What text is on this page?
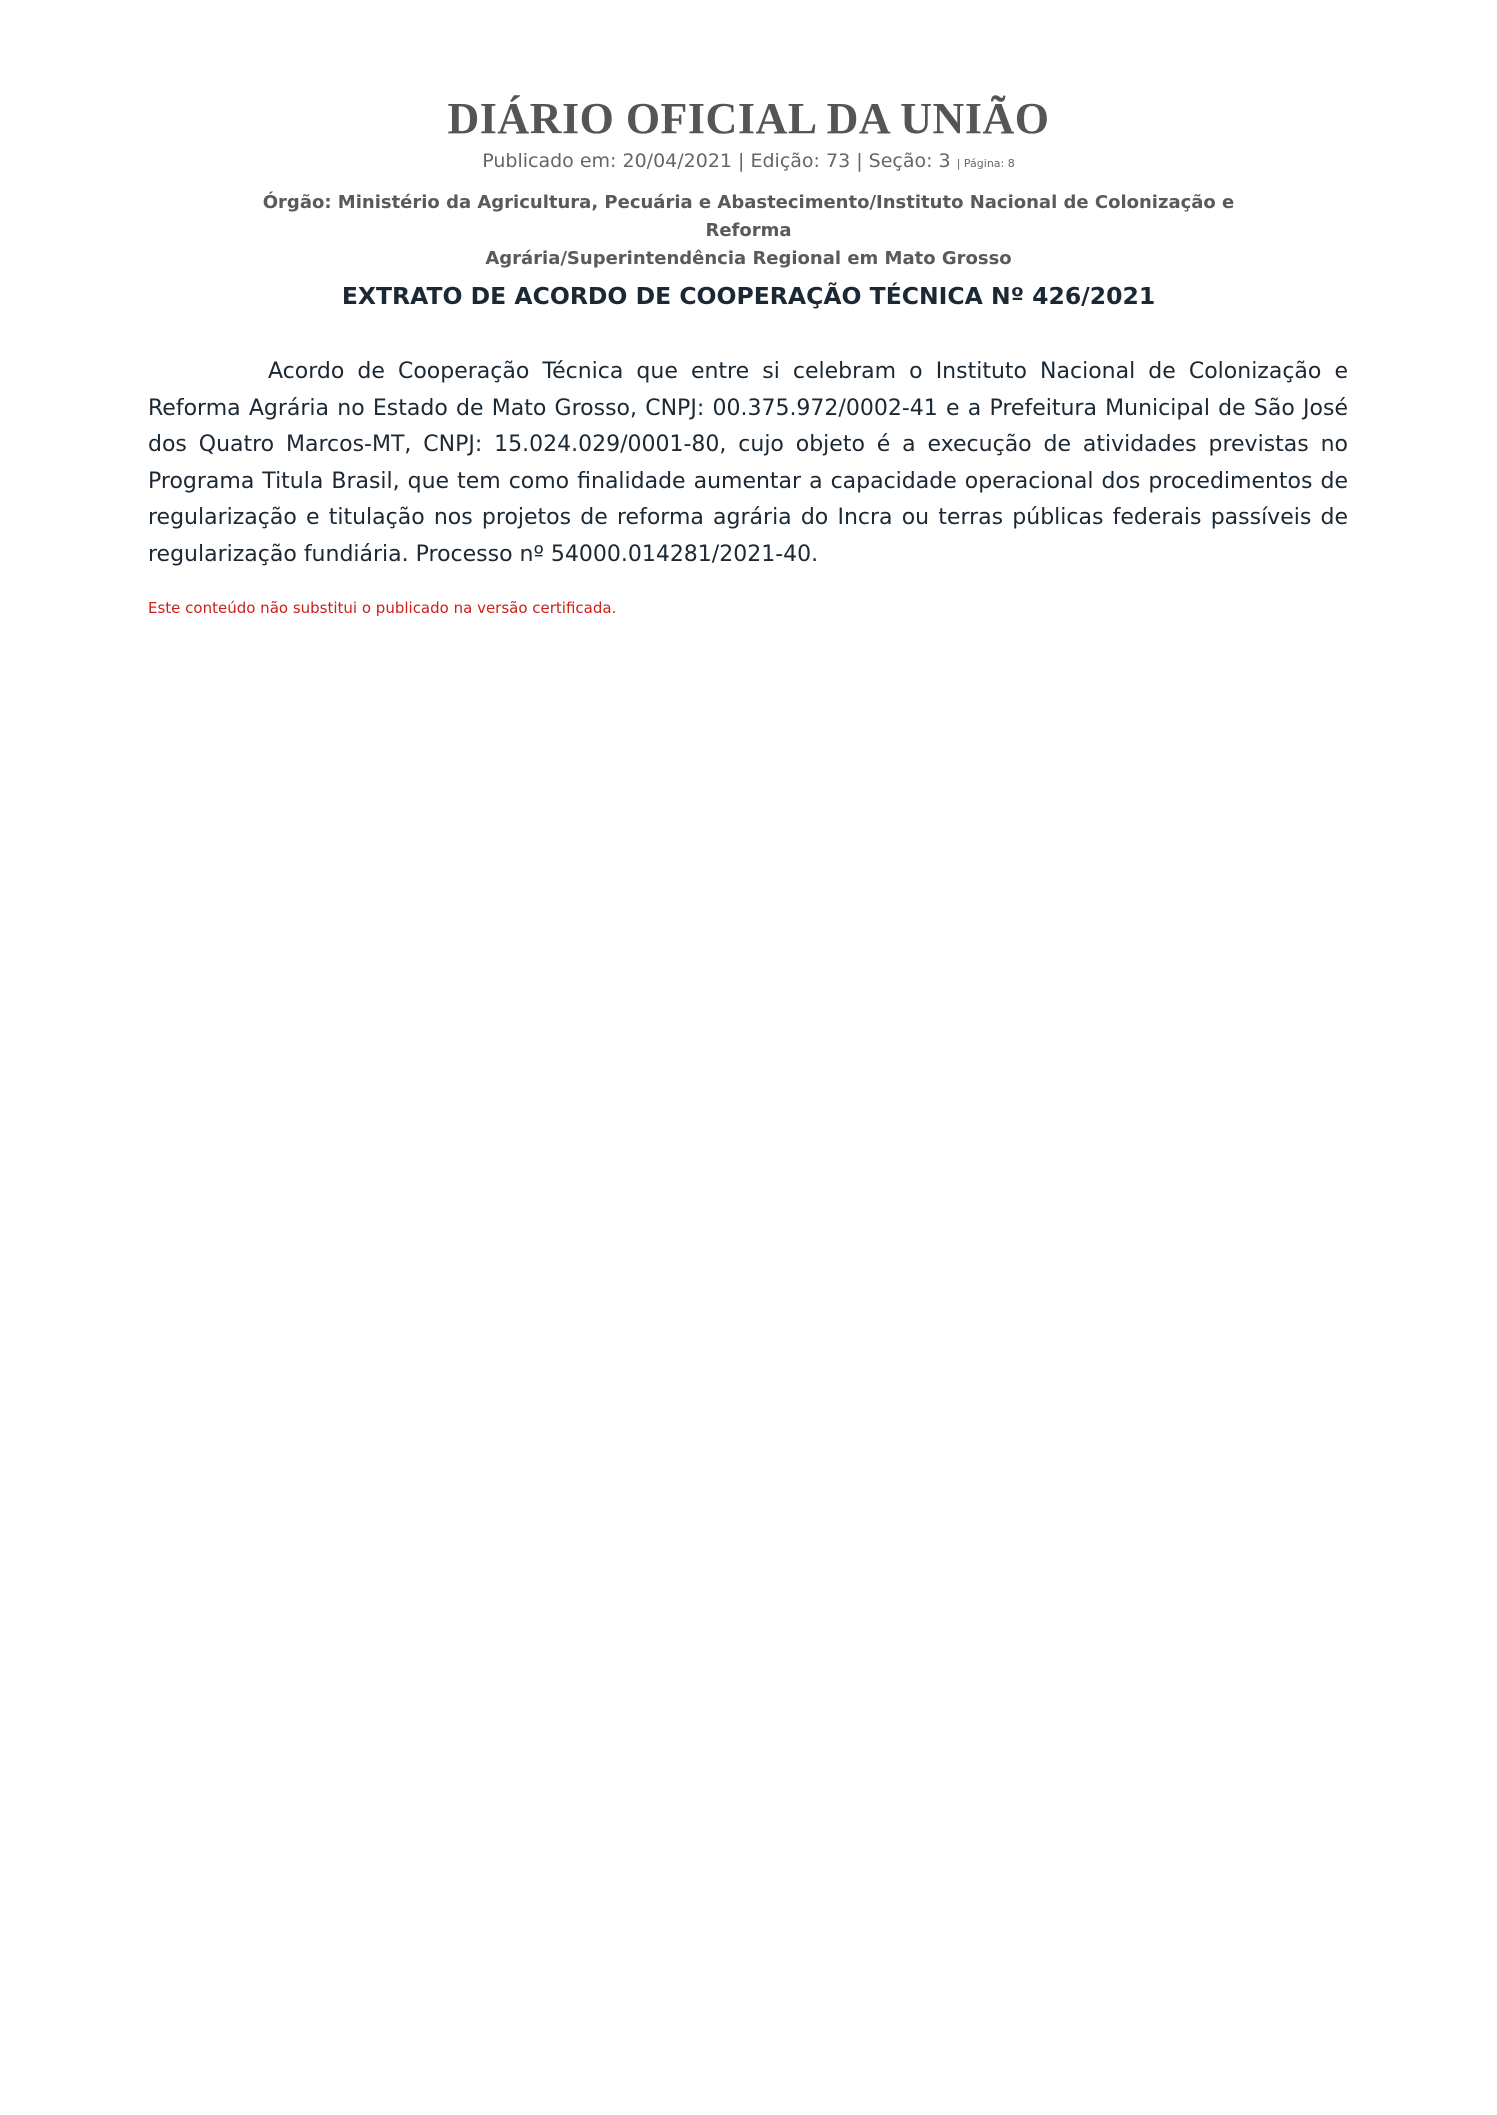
DIÁRIO OFICIAL DA UNIÃO
Publicado em: 20/04/2021 | Edição: 73 | Seção: 3 | Página: 8
Órgão: Ministério da Agricultura, Pecuária e Abastecimento/Instituto Nacional de Colonização e Reforma
Agrária/Superintendência Regional em Mato Grosso
EXTRATO DE ACORDO DE COOPERAÇÃO TÉCNICA Nº 426/2021

Acordo de Cooperação Técnica que entre si celebram o Instituto Nacional de Colonização e Reforma Agrária no Estado de Mato Grosso, CNPJ: 00.375.972/0002-41 e a Prefeitura Municipal de São José dos Quatro Marcos-MT, CNPJ: 15.024.029/0001-80, cujo objeto é a execução de atividades previstas no Programa Titula Brasil, que tem como finalidade aumentar a capacidade operacional dos procedimentos de regularização e titulação nos projetos de reforma agrária do Incra ou terras públicas federais passíveis de regularização fundiária. Processo nº 54000.014281/2021-40.

Este conteúdo não substitui o publicado na versão certificada.
